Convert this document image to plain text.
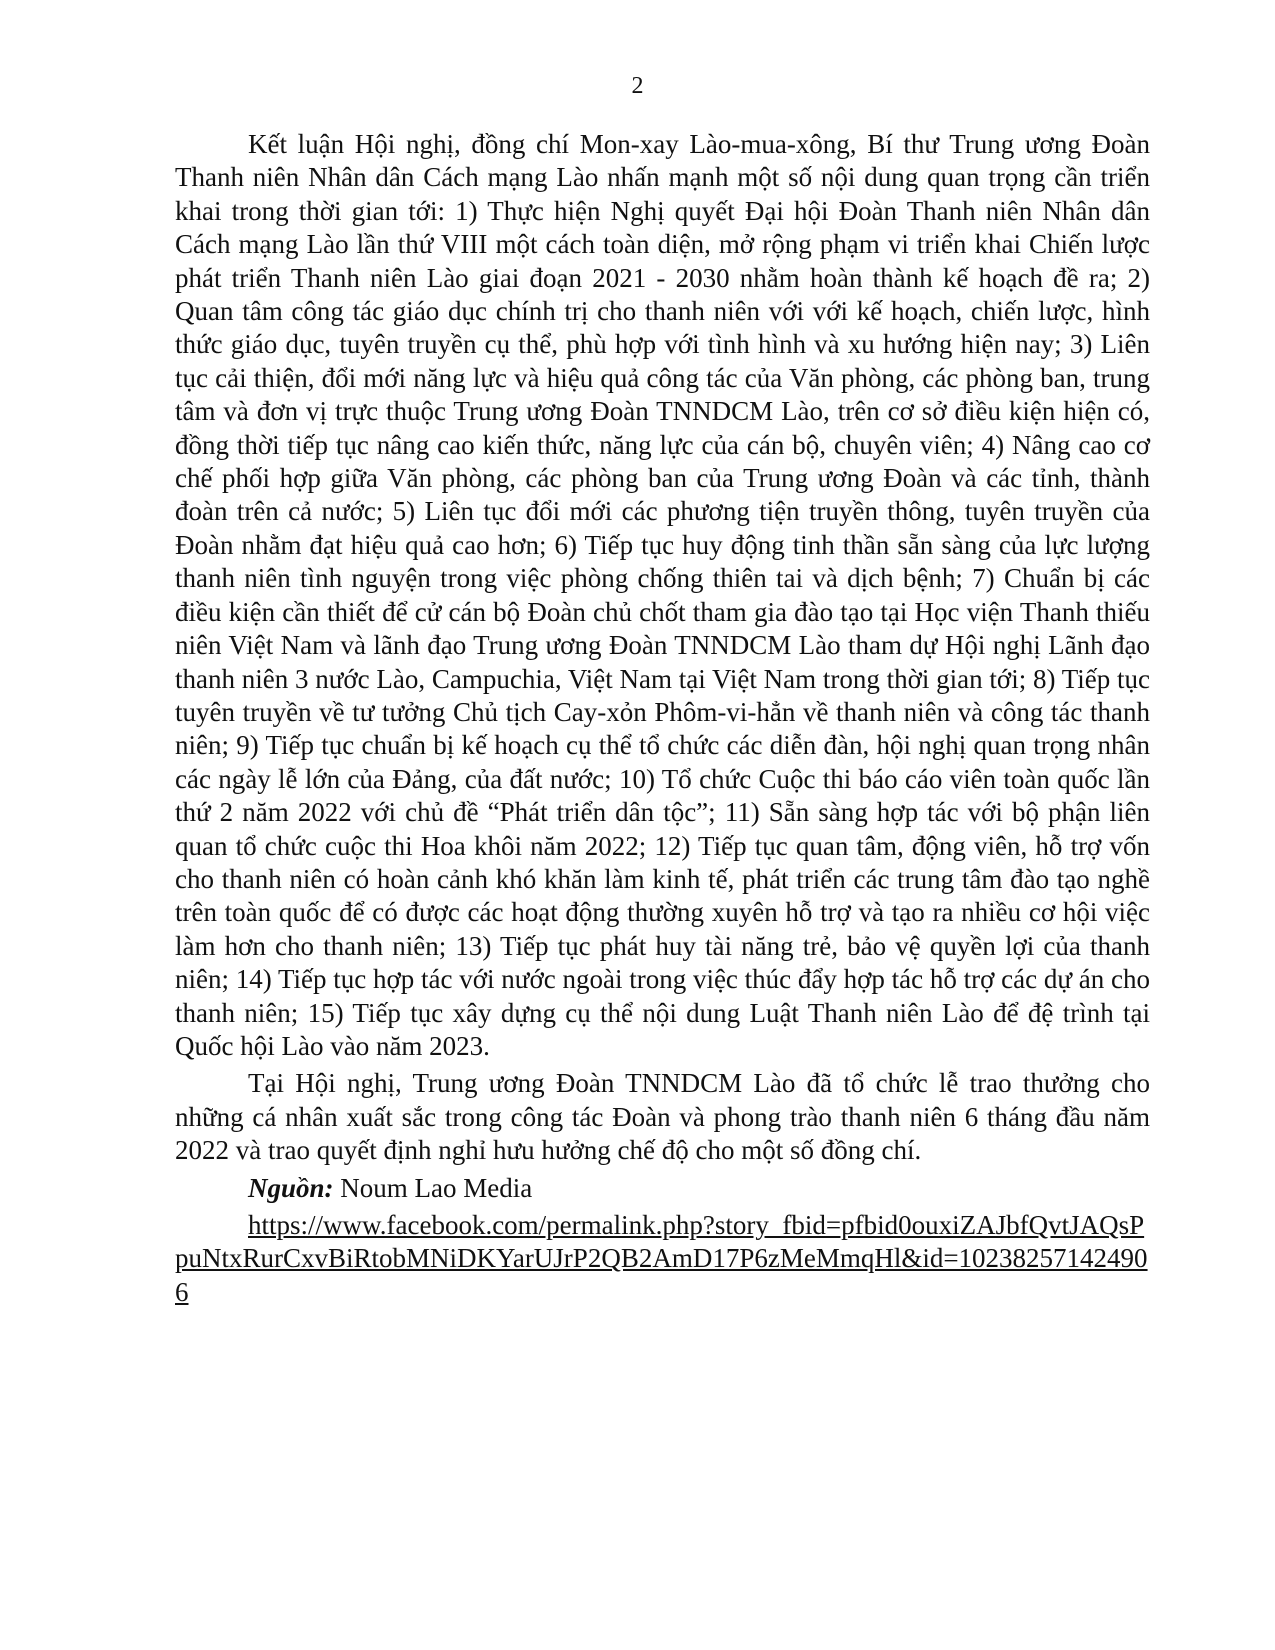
2

Kết luận Hội nghị, đồng chí Mon-xay Lào-mua-xông, Bí thư Trung ương Đoàn Thanh niên Nhân dân Cách mạng Lào nhấn mạnh một số nội dung quan trọng cần triển khai trong thời gian tới: 1) Thực hiện Nghị quyết Đại hội Đoàn Thanh niên Nhân dân Cách mạng Lào lần thứ VIII một cách toàn diện, mở rộng phạm vi triển khai Chiến lược phát triển Thanh niên Lào giai đoạn 2021 - 2030 nhằm hoàn thành kế hoạch đề ra; 2) Quan tâm công tác giáo dục chính trị cho thanh niên với với kế hoạch, chiến lược, hình thức giáo dục, tuyên truyền cụ thể, phù hợp với tình hình và xu hướng hiện nay; 3) Liên tục cải thiện, đổi mới năng lực và hiệu quả công tác của Văn phòng, các phòng ban, trung tâm và đơn vị trực thuộc Trung ương Đoàn TNNDCM Lào, trên cơ sở điều kiện hiện có, đồng thời tiếp tục nâng cao kiến thức, năng lực của cán bộ, chuyên viên; 4) Nâng cao cơ chế phối hợp giữa Văn phòng, các phòng ban của Trung ương Đoàn và các tỉnh, thành đoàn trên cả nước; 5) Liên tục đổi mới các phương tiện truyền thông, tuyên truyền của Đoàn nhằm đạt hiệu quả cao hơn; 6) Tiếp tục huy động tinh thần sẵn sàng của lực lượng thanh niên tình nguyện trong việc phòng chống thiên tai và dịch bệnh; 7) Chuẩn bị các điều kiện cần thiết để cử cán bộ Đoàn chủ chốt tham gia đào tạo tại Học viện Thanh thiếu niên Việt Nam và lãnh đạo Trung ương Đoàn TNNDCM Lào tham dự Hội nghị Lãnh đạo thanh niên 3 nước Lào, Campuchia, Việt Nam tại Việt Nam trong thời gian tới; 8) Tiếp tục tuyên truyền về tư tưởng Chủ tịch Cay-xỏn Phôm-vi-hẳn về thanh niên và công tác thanh niên; 9) Tiếp tục chuẩn bị kế hoạch cụ thể tổ chức các diễn đàn, hội nghị quan trọng nhân các ngày lễ lớn của Đảng, của đất nước; 10) Tổ chức Cuộc thi báo cáo viên toàn quốc lần thứ 2 năm 2022 với chủ đề “Phát triển dân tộc”; 11) Sẵn sàng hợp tác với bộ phận liên quan tổ chức cuộc thi Hoa khôi năm 2022; 12) Tiếp tục quan tâm, động viên, hỗ trợ vốn cho thanh niên có hoàn cảnh khó khăn làm kinh tế, phát triển các trung tâm đào tạo nghề trên toàn quốc để có được các hoạt động thường xuyên hỗ trợ và tạo ra nhiều cơ hội việc làm hơn cho thanh niên; 13) Tiếp tục phát huy tài năng trẻ, bảo vệ quyền lợi của thanh niên; 14) Tiếp tục hợp tác với nước ngoài trong việc thúc đẩy hợp tác hỗ trợ các dự án cho thanh niên; 15) Tiếp tục xây dựng cụ thể nội dung Luật Thanh niên Lào để đệ trình tại Quốc hội Lào vào năm 2023.

Tại Hội nghị, Trung ương Đoàn TNNDCM Lào đã tổ chức lễ trao thưởng cho những cá nhân xuất sắc trong công tác Đoàn và phong trào thanh niên 6 tháng đầu năm 2022 và trao quyết định nghỉ hưu hưởng chế độ cho một số đồng chí.

Nguồn: Noum Lao Media

https://www.facebook.com/permalink.php?story_fbid=pfbid0ouxiZAJbfQvtJAQsPpuNtxRurCxvBiRtobMNiDKYarUJrP2QB2AmD17P6zMeMmqHl&id=102382571424906
